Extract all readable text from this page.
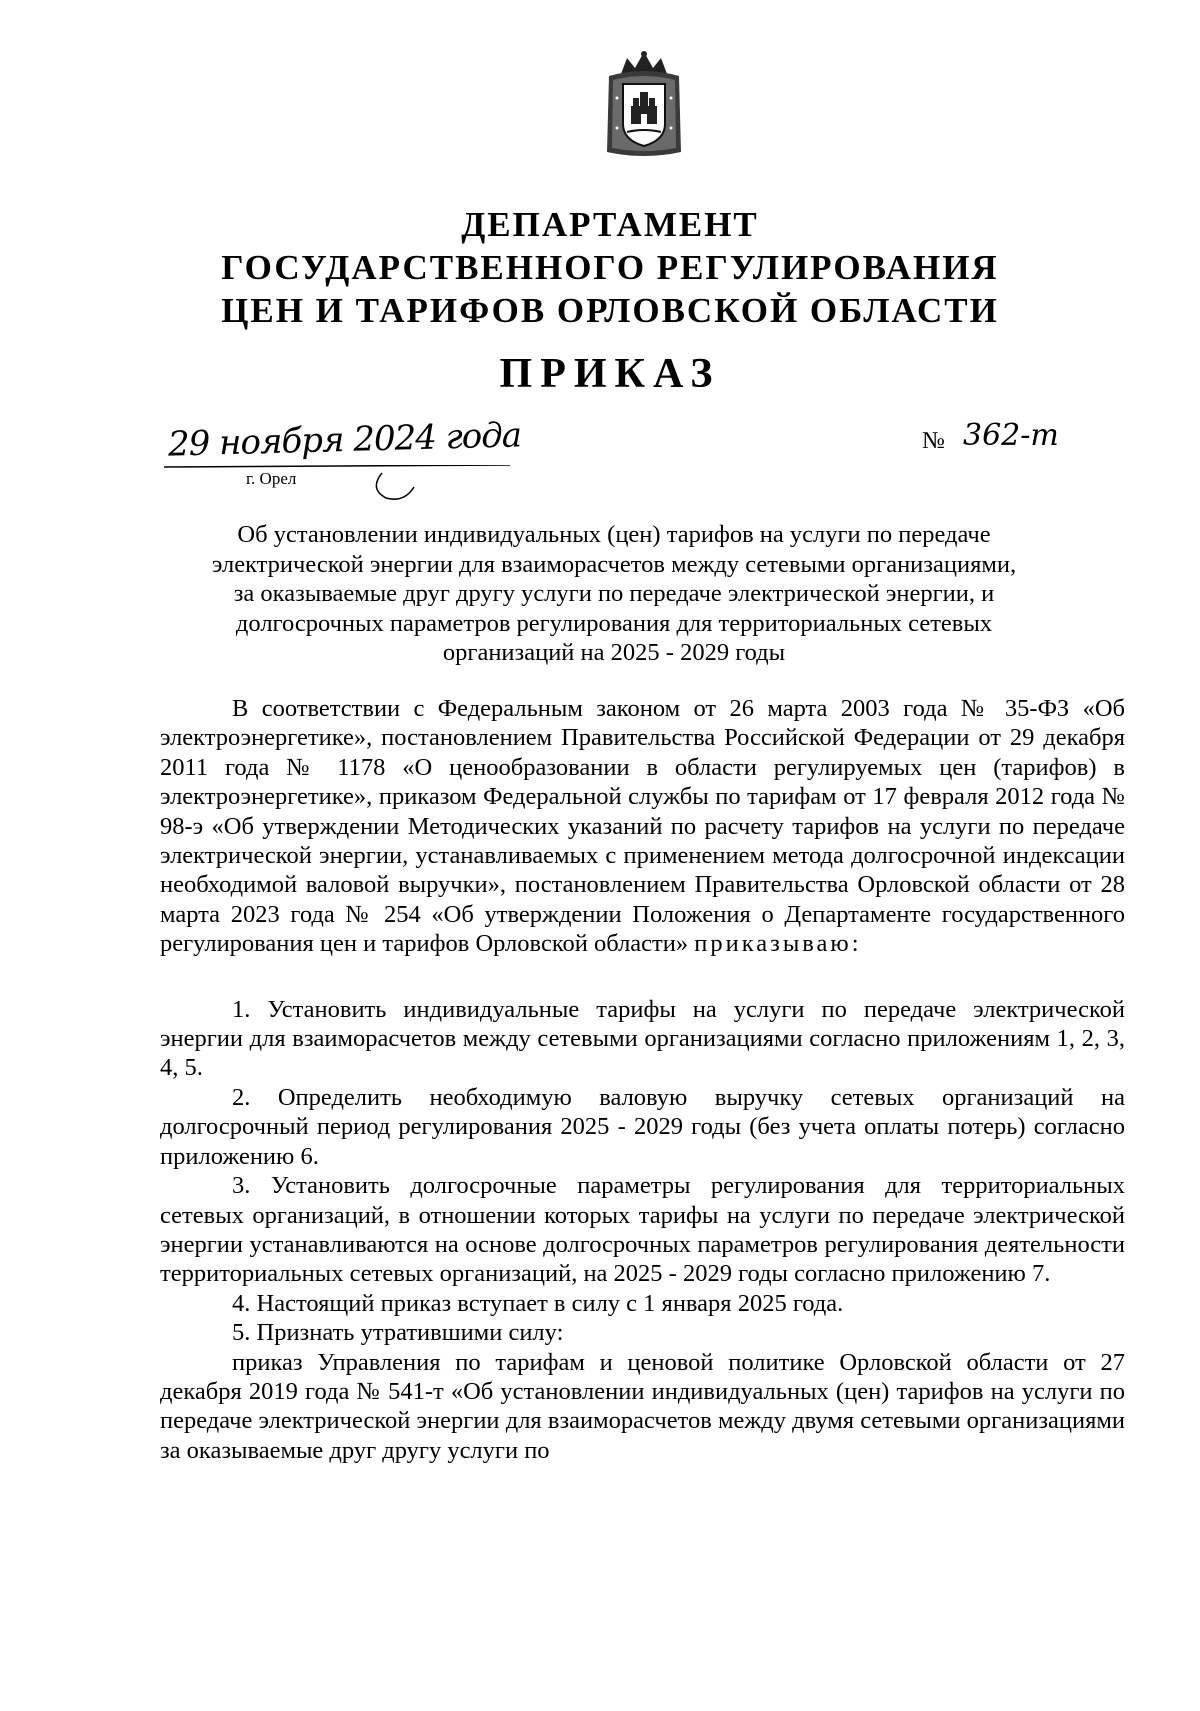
ДЕПАРТАМЕНТ
ГОСУДАРСТВЕННОГО РЕГУЛИРОВАНИЯ
ЦЕН И ТАРИФОВ ОРЛОВСКОЙ ОБЛАСТИ
ПРИКАЗ
29 ноября 2024 года
г. Орел
№ 362-т
Об установлении индивидуальных (цен) тарифов на услуги по передаче
электрической энергии для взаиморасчетов между сетевыми организациями,
за оказываемые друг другу услуги по передаче электрической энергии, и
долгосрочных параметров регулирования для территориальных сетевых
организаций на 2025 - 2029 годы

В соответствии с Федеральным законом от 26 марта 2003 года № 35-ФЗ «Об электроэнергетике», постановлением Правительства Российской Федерации от 29 декабря 2011 года № 1178 «О ценообразовании в области регулируемых цен (тарифов) в электроэнергетике», приказом Федеральной службы по тарифам от 17 февраля 2012 года № 98-э «Об утверждении Методических указаний по расчету тарифов на услуги по передаче электрической энергии, устанавливаемых с применением метода долгосрочной индексации необходимой валовой выручки», постановлением Правительства Орловской области от 28 марта 2023 года № 254 «Об утверждении Положения о Департаменте государственного регулирования цен и тарифов Орловской области» приказываю:

1. Установить индивидуальные тарифы на услуги по передаче электрической энергии для взаиморасчетов между сетевыми организациями согласно приложениям 1, 2, 3, 4, 5.

2. Определить необходимую валовую выручку сетевых организаций на долгосрочный период регулирования 2025 - 2029 годы (без учета оплаты потерь) согласно приложению 6.

3. Установить долгосрочные параметры регулирования для территориальных сетевых организаций, в отношении которых тарифы на услуги по передаче электрической энергии устанавливаются на основе долгосрочных параметров регулирования деятельности территориальных сетевых организаций, на 2025 - 2029 годы согласно приложению 7.

4. Настоящий приказ вступает в силу с 1 января 2025 года.

5. Признать утратившими силу:

приказ Управления по тарифам и ценовой политике Орловской области от 27 декабря 2019 года № 541-т «Об установлении индивидуальных (цен) тарифов на услуги по передаче электрической энергии для взаиморасчетов между двумя сетевыми организациями за оказываемые друг другу услуги по
